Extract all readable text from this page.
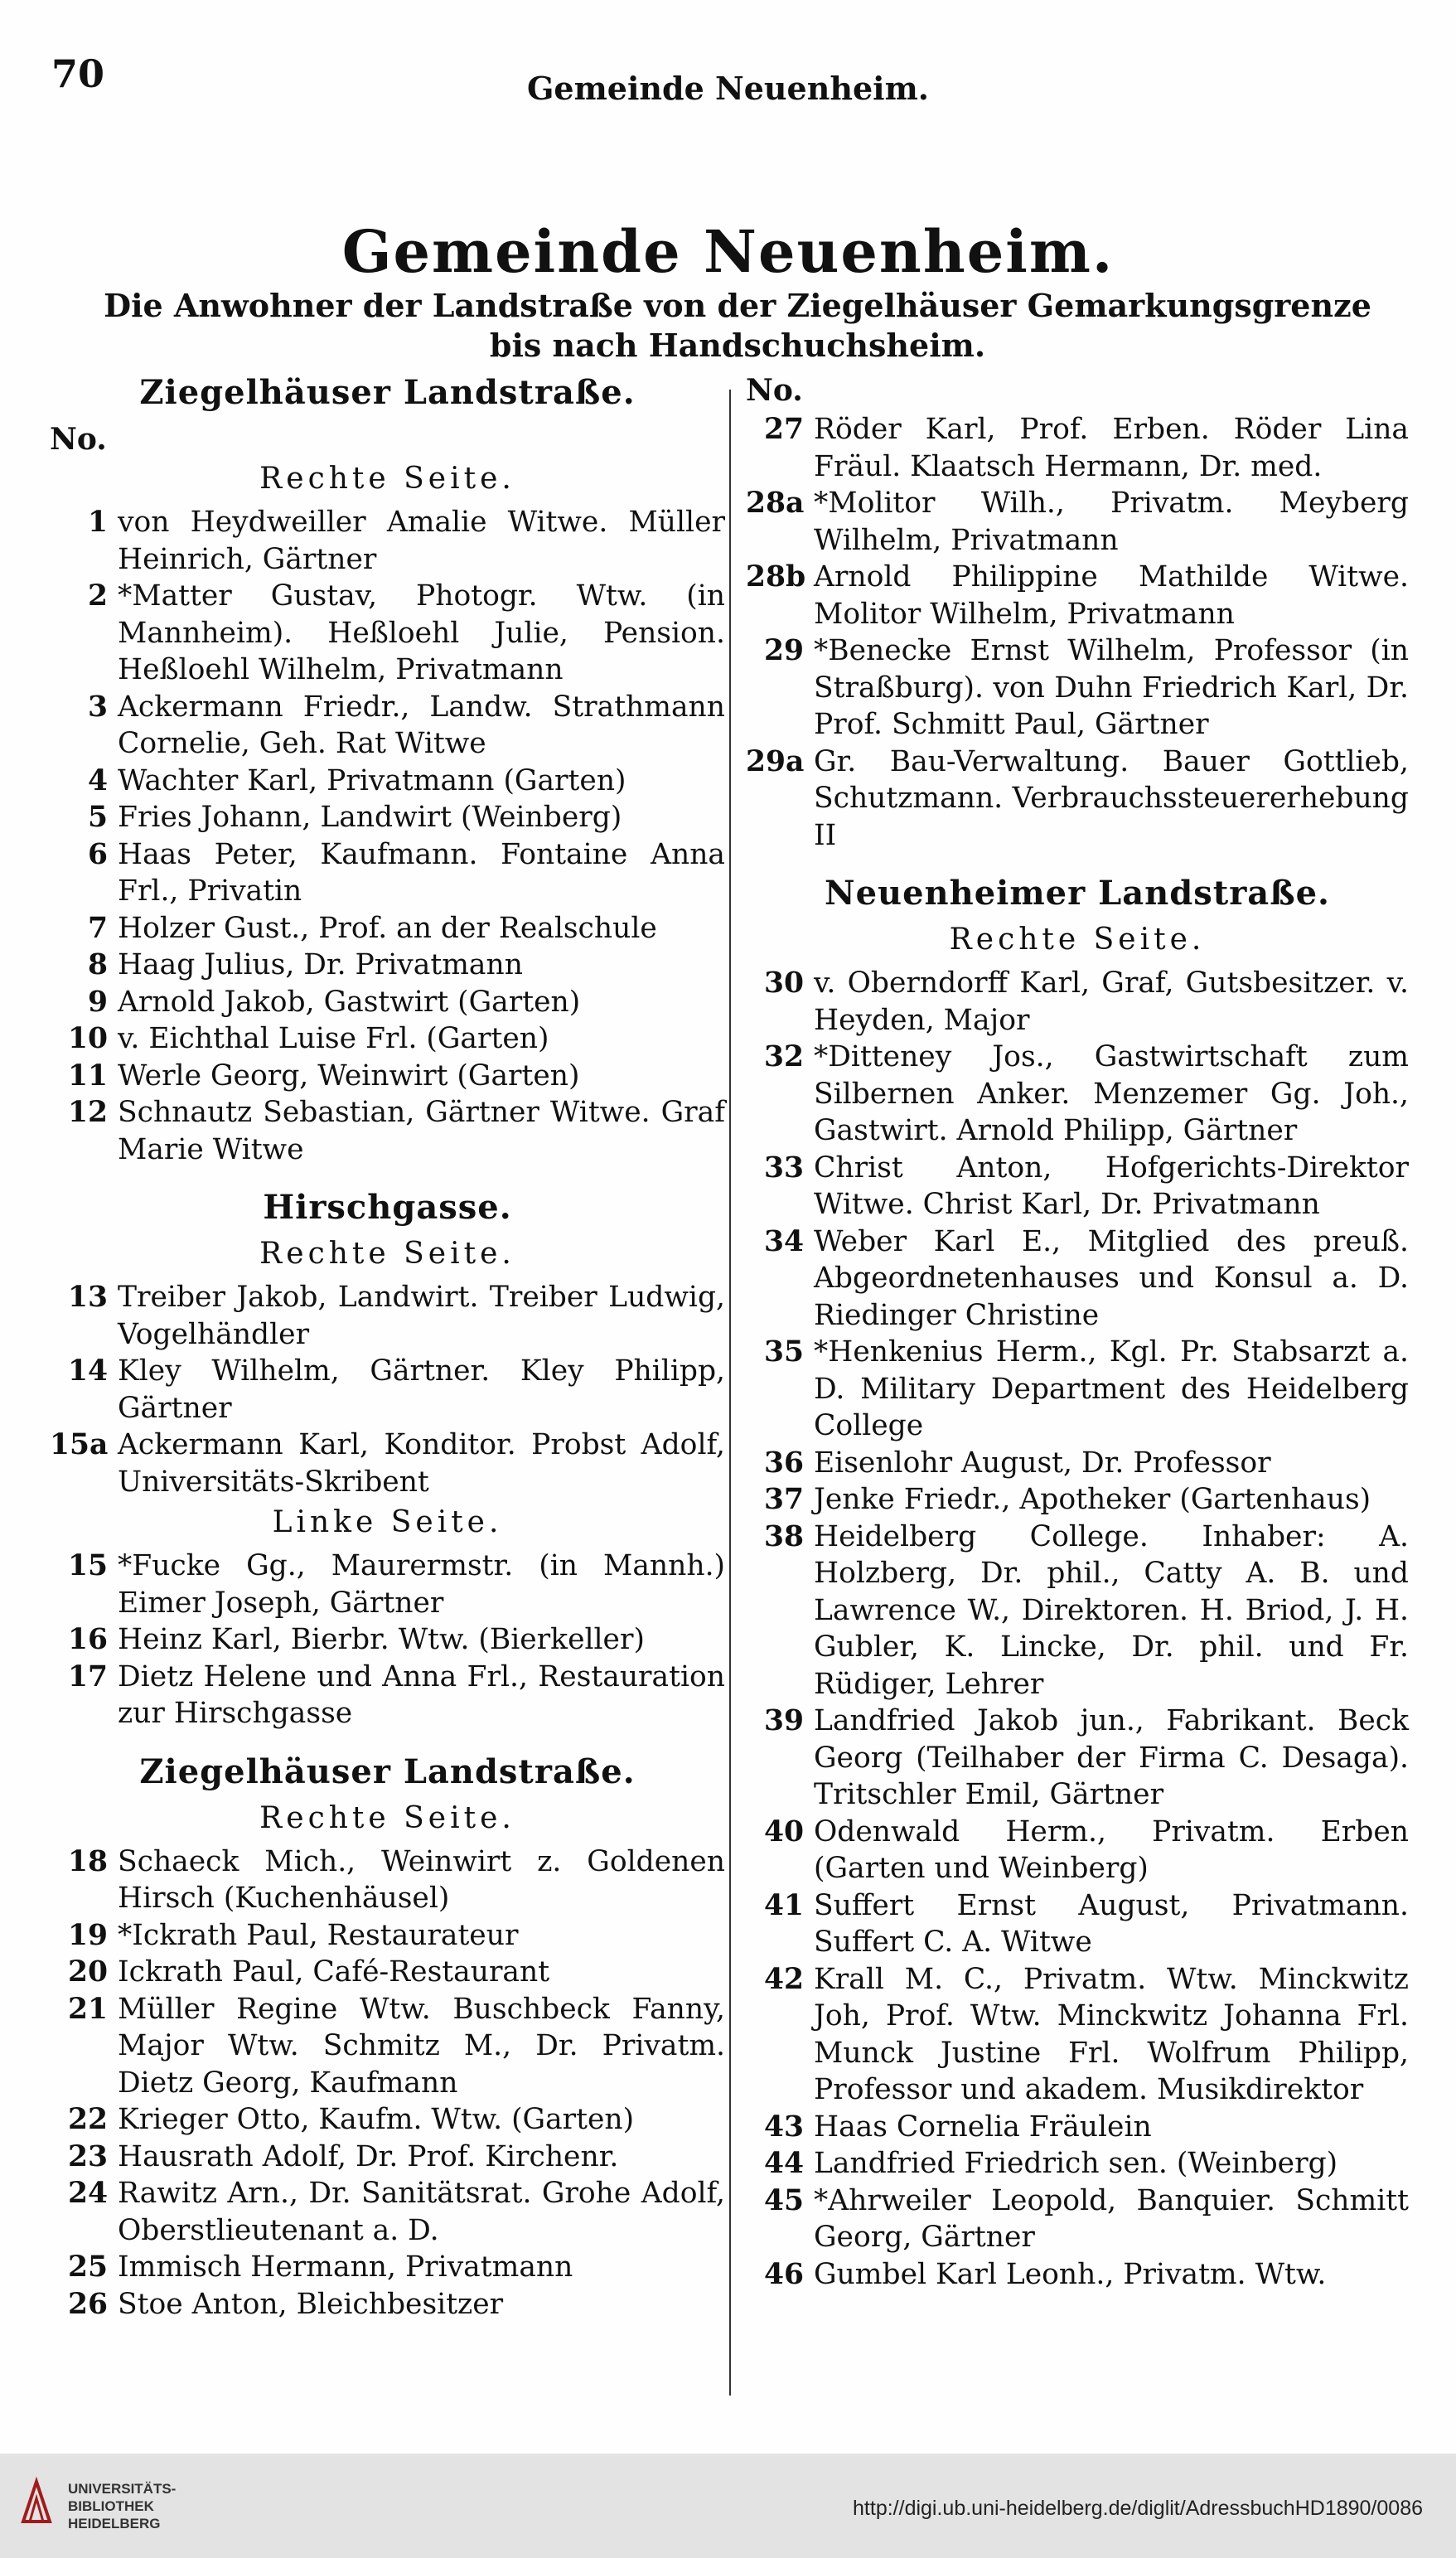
70	Gemeinde Neuenheim.
Gemeinde Neuenheim.
Die Anwohner der Landstraße von der Ziegelhäuser Gemarkungsgrenze bis nach Handschuchsheim.
Ziegelhäuser Landstraße.
No.
Rechte Seite.
1 von Heydweiller Amalie Witwe. Müller Heinrich, Gärtner
2 *Matter Gustav, Photogr. Wtw. (in Mannheim). Heßloehl Julie, Pension. Heßloehl Wilhelm, Privatmann
3 Ackermann Friedr., Landw. Strathmann Cornelie, Geh. Rat Witwe
4 Wachter Karl, Privatmann (Garten)
5 Fries Johann, Landwirt (Weinberg)
6 Haas Peter, Kaufmann. Fontaine Anna Frl., Privatin
7 Holzer Gust., Prof. an der Realschule
8 Haag Julius, Dr. Privatmann
9 Arnold Jakob, Gastwirt (Garten)
10 v. Eichthal Luise Frl. (Garten)
11 Werle Georg, Weinwirt (Garten)
12 Schnautz Sebastian, Gärtner Witwe. Graf Marie Witwe
Hirschgasse.
Rechte Seite.
13 Treiber Jakob, Landwirt. Treiber Ludwig, Vogelhändler
14 Kley Wilhelm, Gärtner. Kley Philipp, Gärtner
15a Ackermann Karl, Konditor. Probst Adolf, Universitäts-Skribent
Linke Seite.
15 *Fucke Gg., Maurermstr. (in Mannh.) Eimer Joseph, Gärtner
16 Heinz Karl, Bierbr. Wtw. (Bierkeller)
17 Dietz Helene und Anna Frl., Restauration zur Hirschgasse
Ziegelhäuser Landstraße.
Rechte Seite.
18 Schaeck Mich., Weinwirt z. Goldenen Hirsch (Kuchenhäusel)
19 *Ickrath Paul, Restaurateur
20 Ickrath Paul, Café-Restaurant
21 Müller Regine Wtw. Buschbeck Fanny, Major Wtw. Schmitz M., Dr. Privatm. Dietz Georg, Kaufmann
22 Krieger Otto, Kaufm. Wtw. (Garten)
23 Hausrath Adolf, Dr. Prof. Kirchenr.
24 Rawitz Arn., Dr. Sanitätsrat. Grohe Adolf, Oberstlieutenant a. D.
25 Immisch Hermann, Privatmann
26 Stoe Anton, Bleichbesitzer
No.
27 Röder Karl, Prof. Erben. Röder Lina Fräul. Klaatsch Hermann, Dr. med.
28a *Molitor Wilh., Privatm. Meyberg Wilhelm, Privatmann
28b Arnold Philippine Mathilde Witwe. Molitor Wilhelm, Privatmann
29 *Benecke Ernst Wilhelm, Professor (in Straßburg). von Duhn Friedrich Karl, Dr. Prof. Schmitt Paul, Gärtner
29a Gr. Bau-Verwaltung. Bauer Gottlieb, Schutzmann. Verbrauchssteuererhebung II
Neuenheimer Landstraße.
Rechte Seite.
30 v. Oberndorff Karl, Graf, Gutsbesitzer. v. Heyden, Major
32 *Ditteney Jos., Gastwirtschaft zum Silbernen Anker. Menzemer Gg. Joh., Gastwirt. Arnold Philipp, Gärtner
33 Christ Anton, Hofgerichts-Direktor Witwe. Christ Karl, Dr. Privatmann
34 Weber Karl E., Mitglied des preuß. Abgeordnetenhauses und Konsul a. D. Riedinger Christine
35 *Henkenius Herm., Kgl. Pr. Stabsarzt a. D. Military Department des Heidelberg College
36 Eisenlohr August, Dr. Professor
37 Jenke Friedr., Apotheker (Gartenhaus)
38 Heidelberg College. Inhaber: A. Holzberg, Dr. phil., Catty A. B. und Lawrence W., Direktoren. H. Briod, J. H. Gubler, K. Lincke, Dr. phil. und Fr. Rüdiger, Lehrer
39 Landfried Jakob jun., Fabrikant. Beck Georg (Teilhaber der Firma C. Desaga). Tritschler Emil, Gärtner
40 Odenwald Herm., Privatm. Erben (Garten und Weinberg)
41 Suffert Ernst August, Privatmann. Suffert C. A. Witwe
42 Krall M. C., Privatm. Wtw. Minckwitz Joh, Prof. Wtw. Minckwitz Johanna Frl. Munck Justine Frl. Wolfrum Philipp, Professor und akadem. Musikdirektor
43 Haas Cornelia Fräulein
44 Landfried Friedrich sen. (Weinberg)
45 *Ahrweiler Leopold, Banquier. Schmitt Georg, Gärtner
46 Gumbel Karl Leonh., Privatm. Wtw.
UNIVERSITÄTS-
BIBLIOTHEK
HEIDELBERG
http://digi.ub.uni-heidelberg.de/diglit/AdressbuchHD1890/0086
